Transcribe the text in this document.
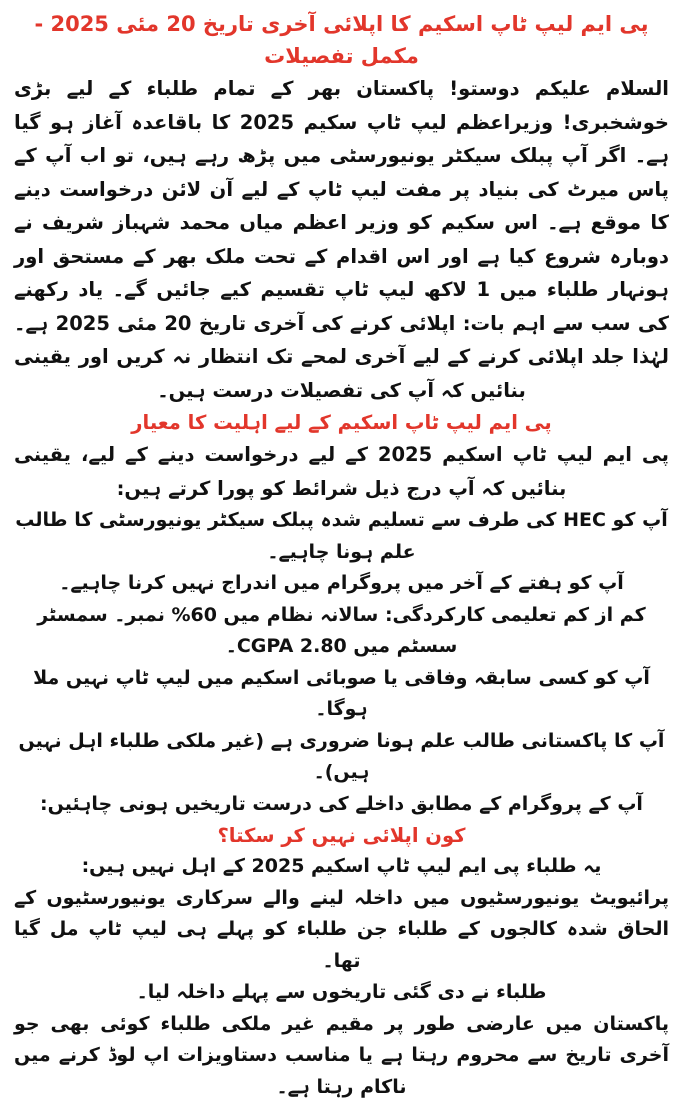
پی ایم لیپ ٹاپ اسکیم کا اپلائی آخری تاریخ 20 مئی 2025 - مکمل تفصیلات

السلام علیکم دوستو! پاکستان بھر کے تمام طلباء کے لیے بڑی خوشخبری! وزیراعظم لیپ ٹاپ سکیم 2025 کا باقاعدہ آغاز ہو گیا ہے۔ اگر آپ پبلک سیکٹر یونیورسٹی میں پڑھ رہے ہیں، تو اب آپ کے پاس میرٹ کی بنیاد پر مفت لیپ ٹاپ کے لیے آن لائن درخواست دینے کا موقع ہے۔ اس سکیم کو وزیر اعظم میاں محمد شہباز شریف نے دوبارہ شروع کیا ہے اور اس اقدام کے تحت ملک بھر کے مستحق اور ہونہار طلباء میں 1 لاکھ لیپ ٹاپ تقسیم کیے جائیں گے۔ یاد رکھنے کی سب سے اہم بات: اپلائی کرنے کی آخری تاریخ 20 مئی 2025 ہے۔ لہٰذا جلد اپلائی کرنے کے لیے آخری لمحے تک انتظار نہ کریں اور یقینی بنائیں کہ آپ کی تفصیلات درست ہیں۔

پی ایم لیپ ٹاپ اسکیم کے لیے اہلیت کا معیار

پی ایم لیپ ٹاپ اسکیم 2025 کے لیے درخواست دینے کے لیے، یقینی بنائیں کہ آپ درج ذیل شرائط کو پورا کرتے ہیں:

آپ کو HEC کی طرف سے تسلیم شدہ پبلک سیکٹر یونیورسٹی کا طالب علم ہونا چاہیے۔

آپ کو ہفتے کے آخر میں پروگرام میں اندراج نہیں کرنا چاہیے۔

کم از کم تعلیمی کارکردگی: سالانہ نظام میں 60% نمبر۔ سمسٹر سسٹم میں CGPA 2.80۔

آپ کو کسی سابقہ وفاقی یا صوبائی اسکیم میں لیپ ٹاپ نہیں ملا ہوگا۔

آپ کا پاکستانی طالب علم ہونا ضروری ہے (غیر ملکی طلباء اہل نہیں ہیں)۔

آپ کے پروگرام کے مطابق داخلے کی درست تاریخیں ہونی چاہئیں:

کون اپلائی نہیں کر سکتا؟

یہ طلباء پی ایم لیپ ٹاپ اسکیم 2025 کے اہل نہیں ہیں:

پرائیویٹ یونیورسٹیوں میں داخلہ لینے والے سرکاری یونیورسٹیوں کے الحاق شدہ کالجوں کے طلباء جن طلباء کو پہلے ہی لیپ ٹاپ مل گیا تھا۔

طلباء نے دی گئی تاریخوں سے پہلے داخلہ لیا۔

پاکستان میں عارضی طور پر مقیم غیر ملکی طلباء کوئی بھی جو آخری تاریخ سے محروم رہتا ہے یا مناسب دستاویزات اپ لوڈ کرنے میں ناکام رہتا ہے۔
